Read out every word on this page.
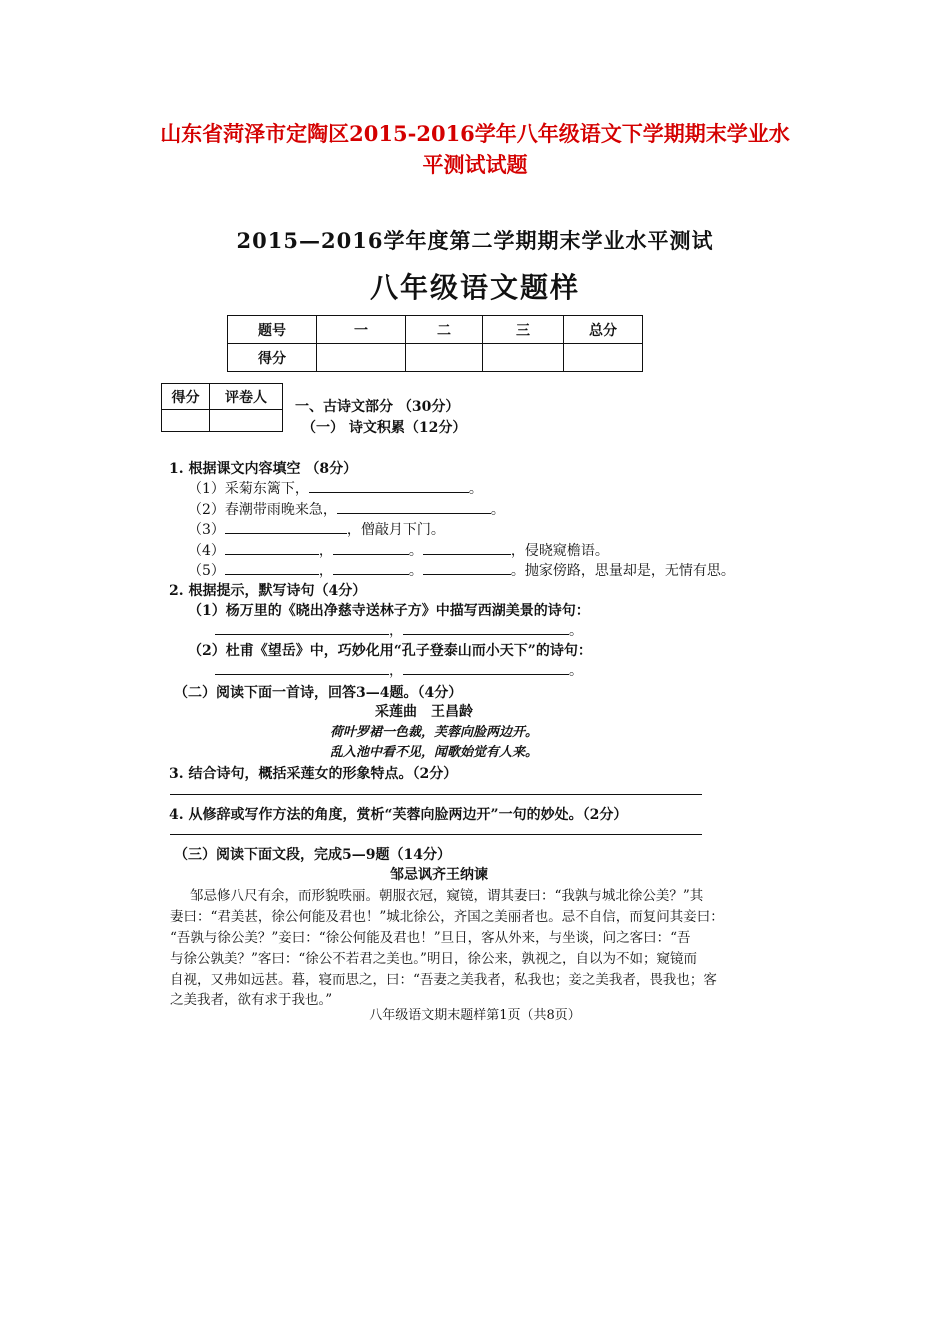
山东省菏泽市定陶区2015-2016学年八年级语文下学期期末学业水
平测试试题
2015—2016学年度第二学期期末学业水平测试
八年级语文题样
题号	一	二	三	总分
得分				
得分	评卷人

一、古诗文部分 （30分）
（一） 诗文积累（12分）
1. 根据课文内容填空 （8分）
（1）采菊东篱下，	。
（2）春潮带雨晚来急，	。
（3）	，僧敲月下门。
（4）	，	。	，侵晓窥檐语。
（5）	，	。	。抛家傍路，思量却是，无情有思。
2. 根据提示，默写诗句（4分）
（1）杨万里的《晓出净慈寺送林子方》中描写西湖美景的诗句：
，	。
（2）杜甫《望岳》中，巧妙化用“孔子登泰山而小天下”的诗句：
，	。
（二）阅读下面一首诗，回答3—4题。（4分）
采莲曲　王昌龄
荷叶罗裙一色裁，芙蓉向脸两边开。
乱入池中看不见，闻歌始觉有人来。
3. 结合诗句，概括采莲女的形象特点。（2分）
4. 从修辞或写作方法的角度，赏析“芙蓉向脸两边开”一句的妙处。（2分）
（三）阅读下面文段，完成5—9题（14分）
邹忌讽齐王纳谏
邹忌修八尺有余，而形貌昳丽。朝服衣冠，窥镜，谓其妻曰：“我孰与城北徐公美？”其
妻曰：“君美甚，徐公何能及君也！”城北徐公，齐国之美丽者也。忌不自信，而复问其妾曰：
“吾孰与徐公美？”妾曰：“徐公何能及君也！”旦日，客从外来，与坐谈，问之客曰：“吾
与徐公孰美？”客曰：“徐公不若君之美也。”明日，徐公来，孰视之，自以为不如；窥镜而
自视，又弗如远甚。暮，寝而思之，曰：“吾妻之美我者，私我也；妾之美我者，畏我也；客
之美我者，欲有求于我也。”
八年级语文期末题样第1页（共8页）
